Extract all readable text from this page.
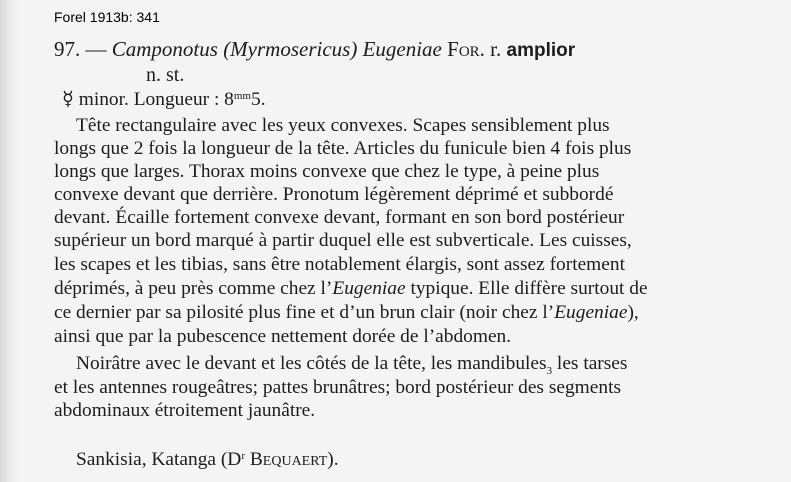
Forel 1913b: 341
97. — Camponotus (Myrmosericus) Eugeniae For. r. amplior
n. st.
☿ minor. Longueur : $8^{mm}5$.
Tête rectangulaire avec les yeux convexes. Scapes sensiblement plus
longs que 2 fois la longueur de la tête. Articles du funicule bien 4 fois plus
longs que larges. Thorax moins convexe que chez le type, à peine plus
convexe devant que derrière. Pronotum légèrement déprimé et subbordé
devant. Écaille fortement convexe devant, formant en son bord postérieur
supérieur un bord marqué à partir duquel elle est subverticale. Les cuisses,
les scapes et les tibias, sans être notablement élargis, sont assez fortement
déprimés, à peu près comme chez l’Eugeniae typique. Elle diffère surtout de
ce dernier par sa pilosité plus fine et d’un brun clair (noir chez l’Eugeniae),
ainsi que par la pubescence nettement dorée de l’abdomen.
Noirâtre avec le devant et les côtés de la tête, les mandibules$_3$ les tarses
et les antennes rougeâtres; pattes brunâtres; bord postérieur des segments
abdominaux étroitement jaunâtre.
Sankisia, Katanga ($D^r$ Bequaert).
